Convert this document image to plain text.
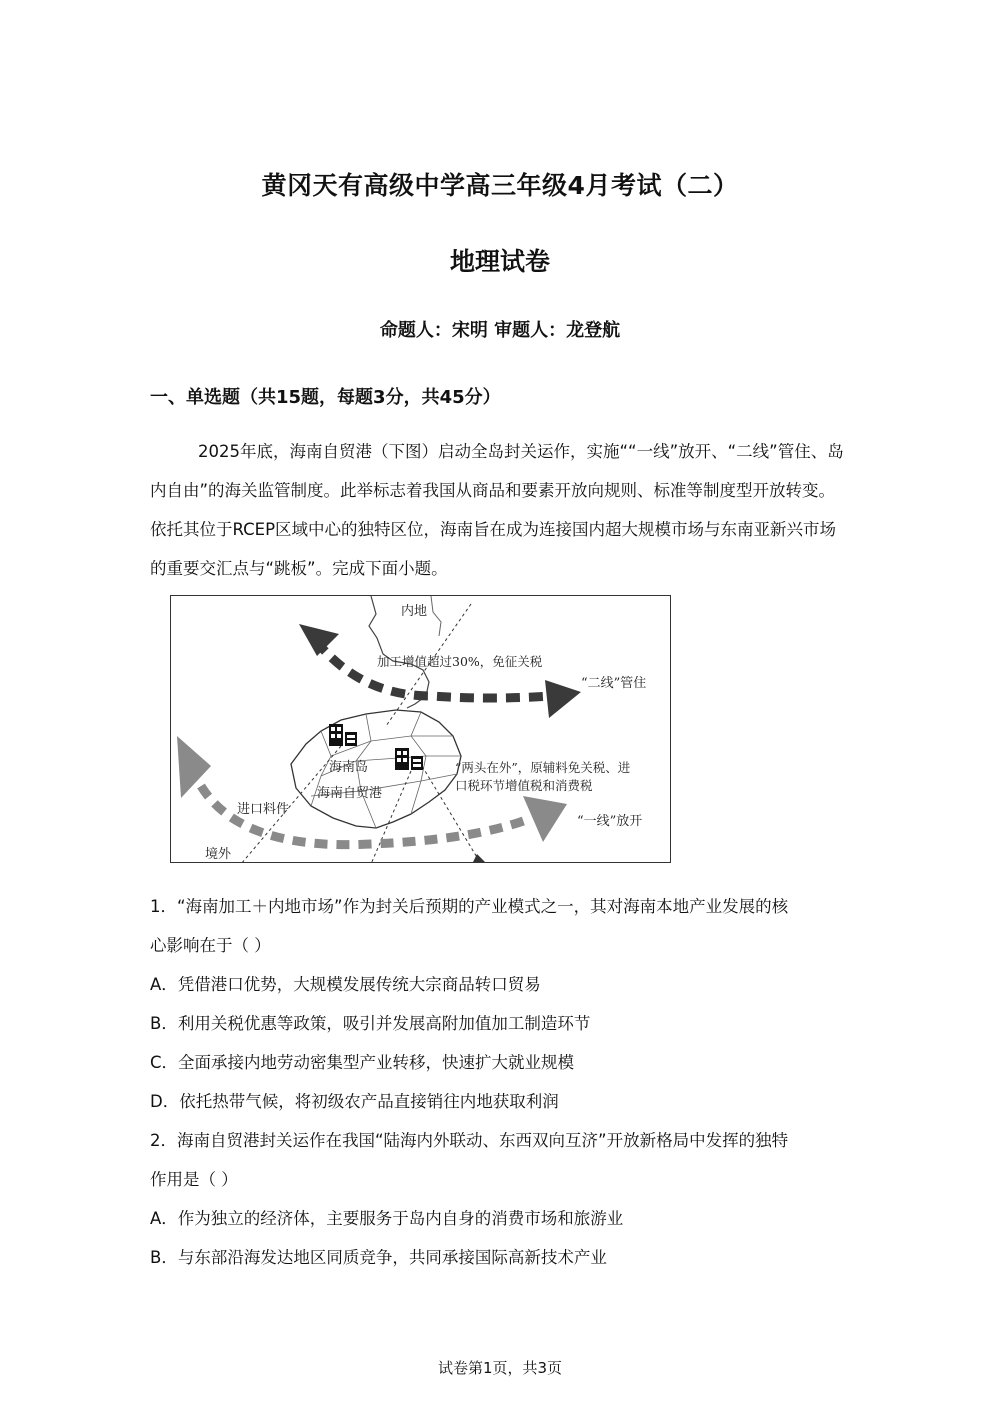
黄冈天有高级中学高三年级4月考试（二）
地理试卷
命题人：宋明 审题人：龙登航
一、单选题（共15题，每题3分，共45分）
2025年底，海南自贸港（下图）启动全岛封关运作，实施““一线”放开、“二线”管住、岛内自由”的海关监管制度。此举标志着我国从商品和要素开放向规则、标准等制度型开放转变。依托其位于RCEP区域中心的独特区位，海南旨在成为连接国内超大规模市场与东南亚新兴市场的重要交汇点与“跳板”。完成下面小题。
内地
加工增值超过30%，免征关税
“二线”管住
海南岛
海南自贸港
“两头在外”，原辅料免关税、进
口税环节增值税和消费税
进口料件
“一线”放开
境外
1．“海南加工＋内地市场”作为封关后预期的产业模式之一，其对海南本地产业发展的核
心影响在于（ ）
A．凭借港口优势，大规模发展传统大宗商品转口贸易
B．利用关税优惠等政策，吸引并发展高附加值加工制造环节
C．全面承接内地劳动密集型产业转移，快速扩大就业规模
D．依托热带气候，将初级农产品直接销往内地获取利润
2．海南自贸港封关运作在我国“陆海内外联动、东西双向互济”开放新格局中发挥的独特
作用是（ ）
A．作为独立的经济体，主要服务于岛内自身的消费市场和旅游业
B．与东部沿海发达地区同质竞争，共同承接国际高新技术产业
试卷第1页，共3页
